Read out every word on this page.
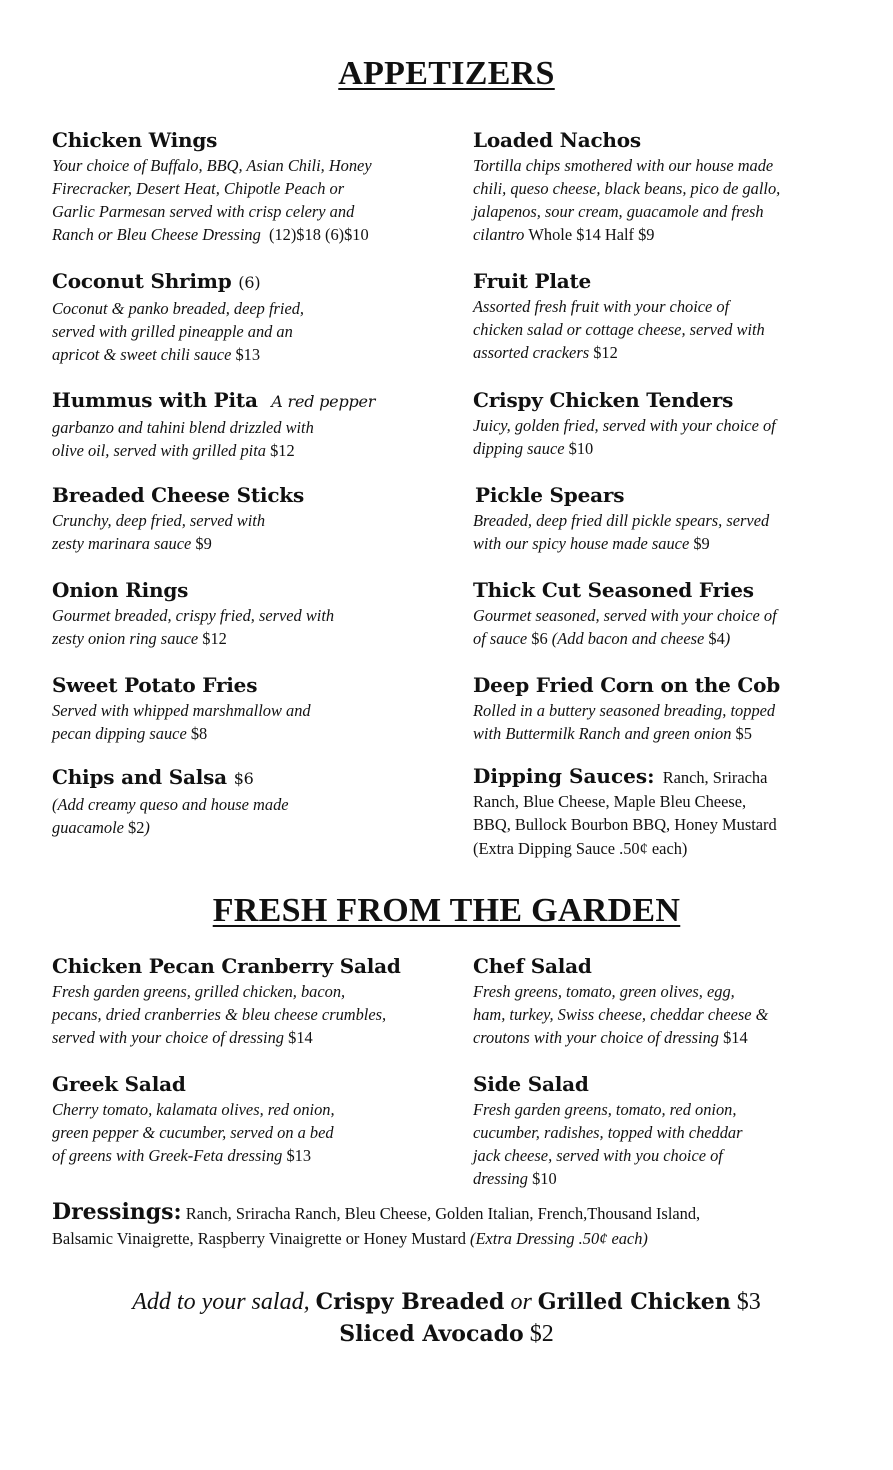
APPETIZERS
Chicken Wings

Your choice of Buffalo, BBQ, Asian Chili, Honey
Firecracker, Desert Heat, Chipotle Peach or
Garlic Parmesan served with crisp celery and
Ranch or Bleu Cheese Dressing (12)$18 (6)$10

Coconut Shrimp (6)

Coconut & panko breaded, deep fried,
served with grilled pineapple and an
apricot & sweet chili sauce $13

Hummus with Pita A red pepper

garbanzo and tahini blend drizzled with
olive oil, served with grilled pita $12

Breaded Cheese Sticks

Crunchy, deep fried, served with
zesty marinara sauce $9

Onion Rings

Gourmet breaded, crispy fried, served with
zesty onion ring sauce $12

Sweet Potato Fries

Served with whipped marshmallow and
pecan dipping sauce $8

Chips and Salsa $6

(Add creamy queso and house made
guacamole $2)

Loaded Nachos

Tortilla chips smothered with our house made
chili, queso cheese, black beans, pico de gallo,
jalapenos, sour cream, guacamole and fresh
cilantro Whole $14 Half $9

Fruit Plate

Assorted fresh fruit with your choice of
chicken salad or cottage cheese, served with
assorted crackers $12

Crispy Chicken Tenders

Juicy, golden fried, served with your choice of
dipping sauce $10

Pickle Spears

Breaded, deep fried dill pickle spears, served
with our spicy house made sauce $9

Thick Cut Seasoned Fries

Gourmet seasoned, served with your choice of
of sauce $6 (Add bacon and cheese $4)

Deep Fried Corn on the Cob

Rolled in a buttery seasoned breading, topped
with Buttermilk Ranch and green onion $5

Dipping Sauces: Ranch, Sriracha
Ranch, Blue Cheese, Maple Bleu Cheese,
BBQ, Bullock Bourbon BBQ, Honey Mustard
(Extra Dipping Sauce .50¢ each)
FRESH FROM THE GARDEN
Chicken Pecan Cranberry Salad

Fresh garden greens, grilled chicken, bacon,
pecans, dried cranberries & bleu cheese crumbles,
served with your choice of dressing $14

Chef Salad

Fresh greens, tomato, green olives, egg,
ham, turkey, Swiss cheese, cheddar cheese &
croutons with your choice of dressing $14

Greek Salad

Cherry tomato, kalamata olives, red onion,
green pepper & cucumber, served on a bed
of greens with Greek-Feta dressing $13

Side Salad

Fresh garden greens, tomato, red onion,
cucumber, radishes, topped with cheddar
jack cheese, served with you choice of
dressing $10

Dressings: Ranch, Sriracha Ranch, Bleu Cheese, Golden Italian, French,Thousand Island,
Balsamic Vinaigrette, Raspberry Vinaigrette or Honey Mustard (Extra Dressing .50¢ each)
Add to your salad, Crispy Breaded or Grilled Chicken $3
Sliced Avocado $2
